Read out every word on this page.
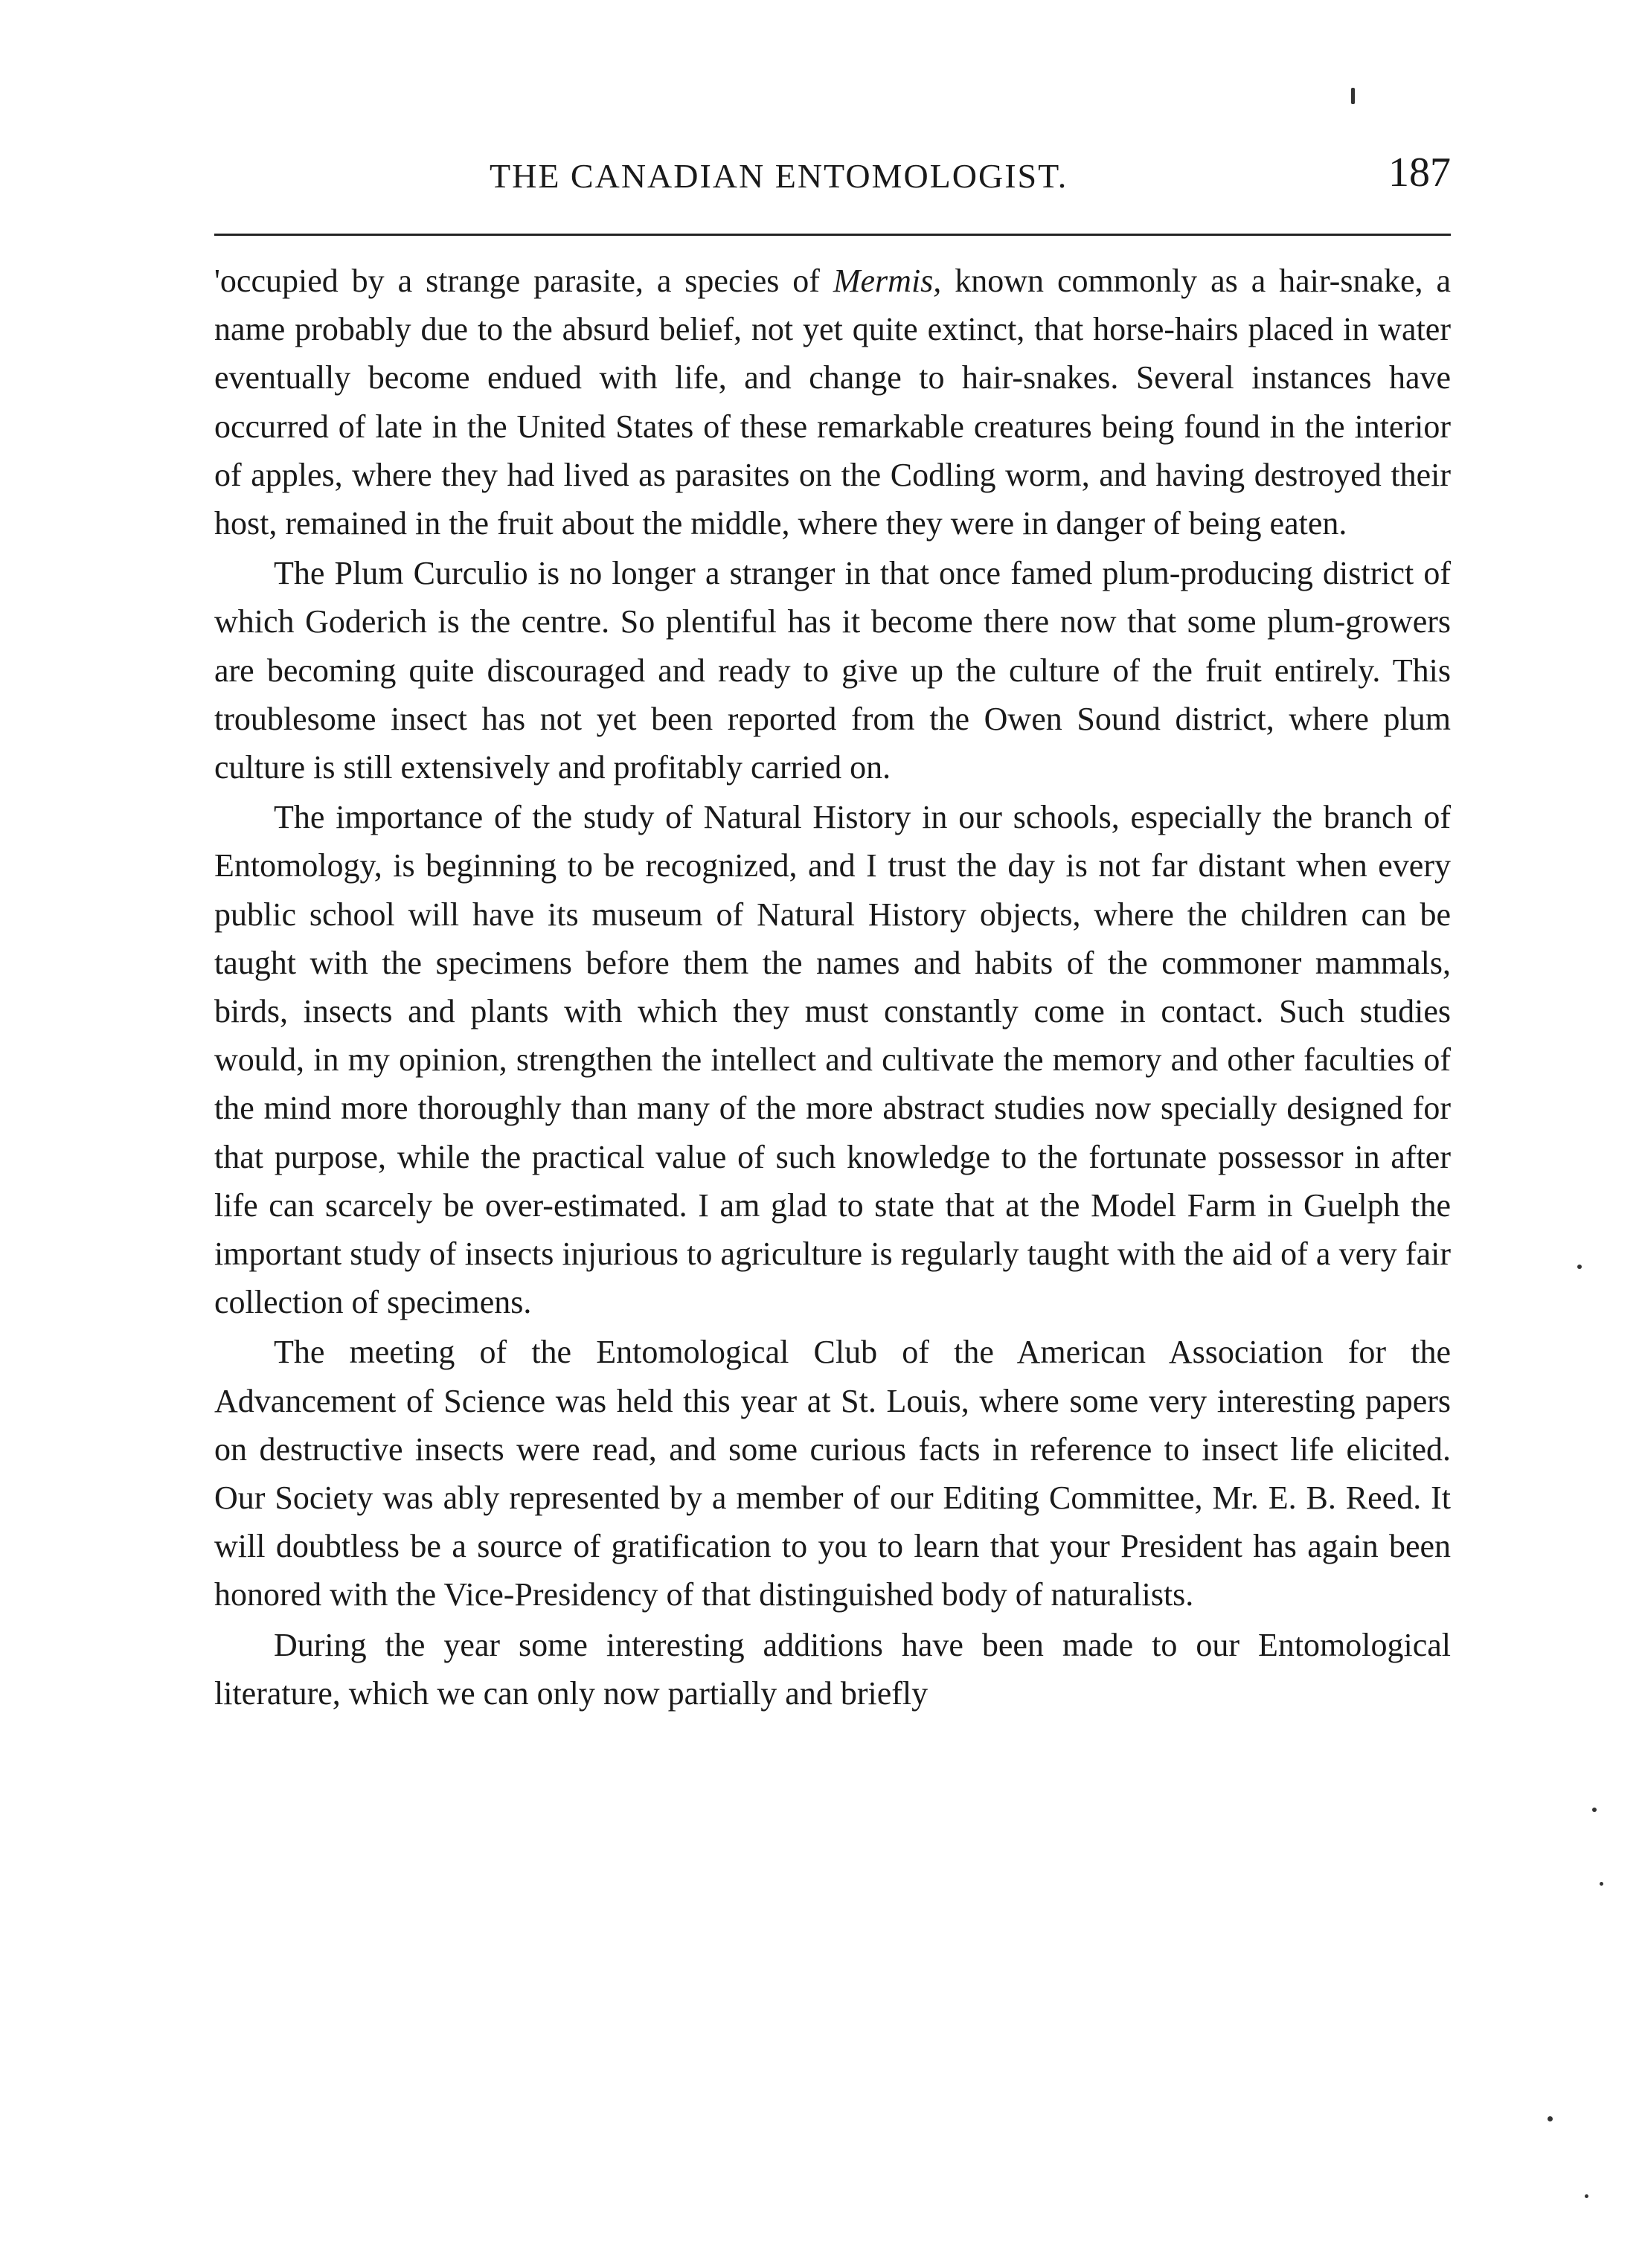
THE CANADIAN ENTOMOLOGIST.	187

'occupied by a strange parasite, a species of Mermis, known commonly as a hair-snake, a name probably due to the absurd belief, not yet quite extinct, that horse-hairs placed in water eventually become endued with life, and change to hair-snakes. Several instances have occurred of late in the United States of these remarkable creatures being found in the interior of apples, where they had lived as parasites on the Codling worm, and having destroyed their host, remained in the fruit about the middle, where they were in danger of being eaten.

The Plum Curculio is no longer a stranger in that once famed plum-producing district of which Goderich is the centre. So plentiful has it become there now that some plum-growers are becoming quite discouraged and ready to give up the culture of the fruit entirely. This troublesome insect has not yet been reported from the Owen Sound district, where plum culture is still extensively and profitably carried on.

The importance of the study of Natural History in our schools, especially the branch of Entomology, is beginning to be recognized, and I trust the day is not far distant when every public school will have its museum of Natural History objects, where the children can be taught with the specimens before them the names and habits of the commoner mammals, birds, insects and plants with which they must constantly come in contact. Such studies would, in my opinion, strengthen the intellect and cultivate the memory and other faculties of the mind more thoroughly than many of the more abstract studies now specially designed for that purpose, while the practical value of such knowledge to the fortunate possessor in after life can scarcely be over-estimated. I am glad to state that at the Model Farm in Guelph the important study of insects injurious to agriculture is regularly taught with the aid of a very fair collection of specimens.

The meeting of the Entomological Club of the American Association for the Advancement of Science was held this year at St. Louis, where some very interesting papers on destructive insects were read, and some curious facts in reference to insect life elicited. Our Society was ably represented by a member of our Editing Committee, Mr. E. B. Reed. It will doubtless be a source of gratification to you to learn that your President has again been honored with the Vice-Presidency of that distinguished body of naturalists.

During the year some interesting additions have been made to our Entomological literature, which we can only now partially and briefly
